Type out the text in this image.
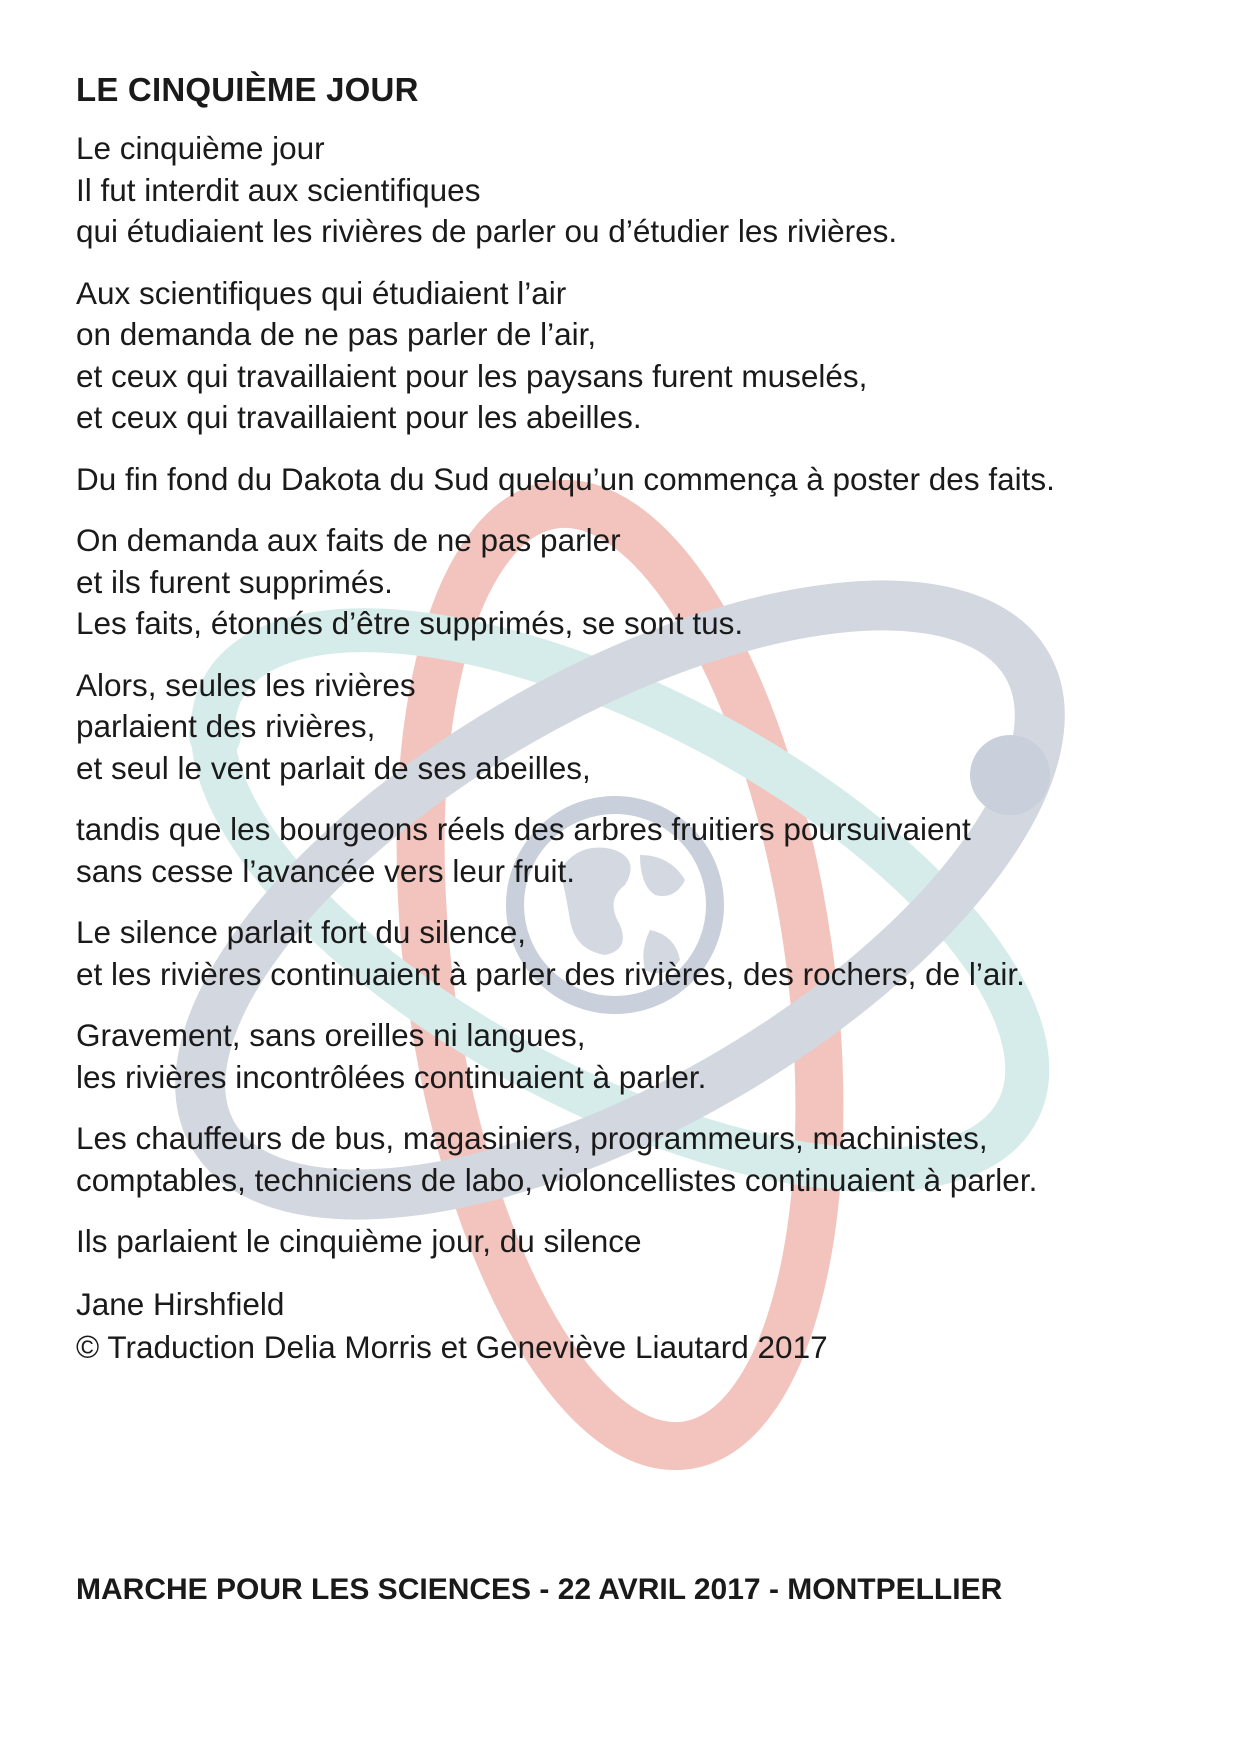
LE CINQUIÈME JOUR
Le cinquième jour
Il fut interdit aux scientifiques
qui étudiaient les rivières de parler ou d’étudier les rivières.
Aux scientifiques qui étudiaient l’air
on demanda de ne pas parler de l’air,
et ceux qui travaillaient pour les paysans furent muselés,
et ceux qui travaillaient pour les abeilles.
Du fin fond du Dakota du Sud quelqu’un commença à poster des faits.
On demanda aux faits de ne pas parler
et ils furent supprimés.
Les faits, étonnés d’être supprimés, se sont tus.
Alors, seules les rivières
parlaient des rivières,
et seul le vent parlait de ses abeilles,
tandis que les bourgeons réels des arbres fruitiers poursuivaient
sans cesse l’avancée vers leur fruit.
Le silence parlait fort du silence,
et les rivières continuaient à parler des rivières, des rochers, de l’air.
Gravement, sans oreilles ni langues,
les rivières incontrôlées continuaient à parler.
Les chauffeurs de bus, magasiniers, programmeurs, machinistes,
comptables, techniciens de labo, violoncellistes continuaient à parler.
Ils parlaient le cinquième jour, du silence
Jane Hirshfield
© Traduction Delia Morris et Geneviève Liautard 2017
MARCHE POUR LES SCIENCES - 22 AVRIL 2017 - MONTPELLIER
